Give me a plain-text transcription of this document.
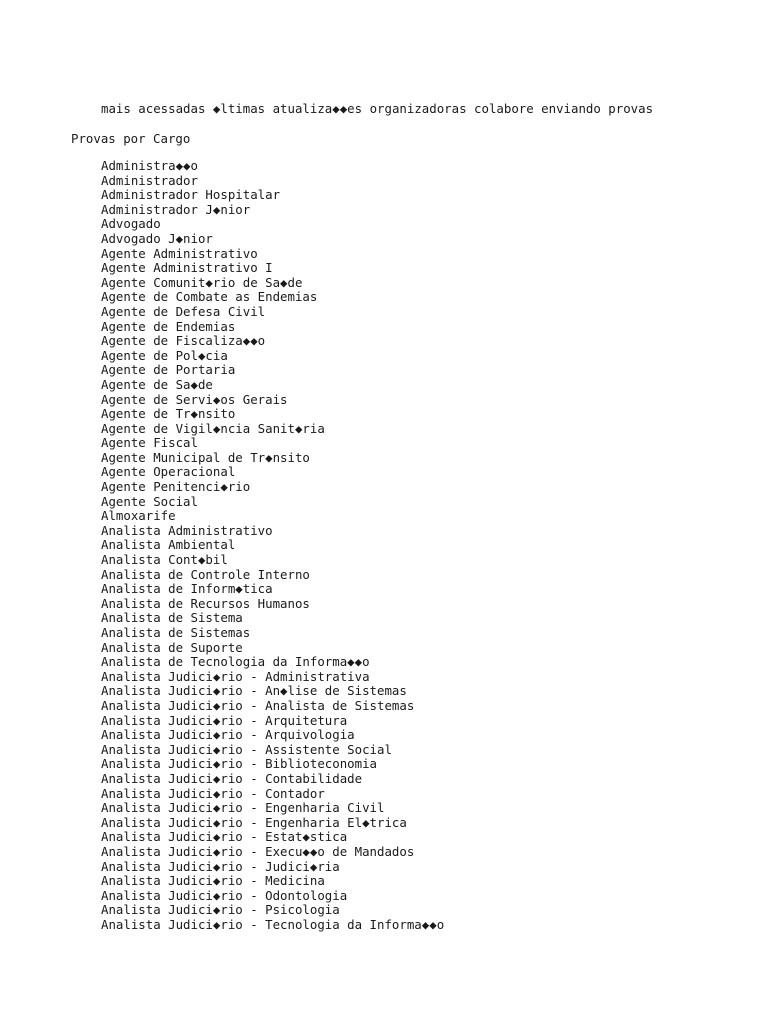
mais acessadas ◆ltimas atualiza◆◆es organizadoras colabore enviando provas
Provas por Cargo
Administra◆◆o
Administrador
Administrador Hospitalar
Administrador J◆nior
Advogado
Advogado J◆nior
Agente Administrativo
Agente Administrativo I
Agente Comunit◆rio de Sa◆de
Agente de Combate as Endemias
Agente de Defesa Civil
Agente de Endemias
Agente de Fiscaliza◆◆o
Agente de Pol◆cia
Agente de Portaria
Agente de Sa◆de
Agente de Servi◆os Gerais
Agente de Tr◆nsito
Agente de Vigil◆ncia Sanit◆ria
Agente Fiscal
Agente Municipal de Tr◆nsito
Agente Operacional
Agente Penitenci◆rio
Agente Social
Almoxarife
Analista Administrativo
Analista Ambiental
Analista Cont◆bil
Analista de Controle Interno
Analista de Inform◆tica
Analista de Recursos Humanos
Analista de Sistema
Analista de Sistemas
Analista de Suporte
Analista de Tecnologia da Informa◆◆o
Analista Judici◆rio - Administrativa
Analista Judici◆rio - An◆lise de Sistemas
Analista Judici◆rio - Analista de Sistemas
Analista Judici◆rio - Arquitetura
Analista Judici◆rio - Arquivologia
Analista Judici◆rio - Assistente Social
Analista Judici◆rio - Biblioteconomia
Analista Judici◆rio - Contabilidade
Analista Judici◆rio - Contador
Analista Judici◆rio - Engenharia Civil
Analista Judici◆rio - Engenharia El◆trica
Analista Judici◆rio - Estat◆stica
Analista Judici◆rio - Execu◆◆o de Mandados
Analista Judici◆rio - Judici◆ria
Analista Judici◆rio - Medicina
Analista Judici◆rio - Odontologia
Analista Judici◆rio - Psicologia
Analista Judici◆rio - Tecnologia da Informa◆◆o
